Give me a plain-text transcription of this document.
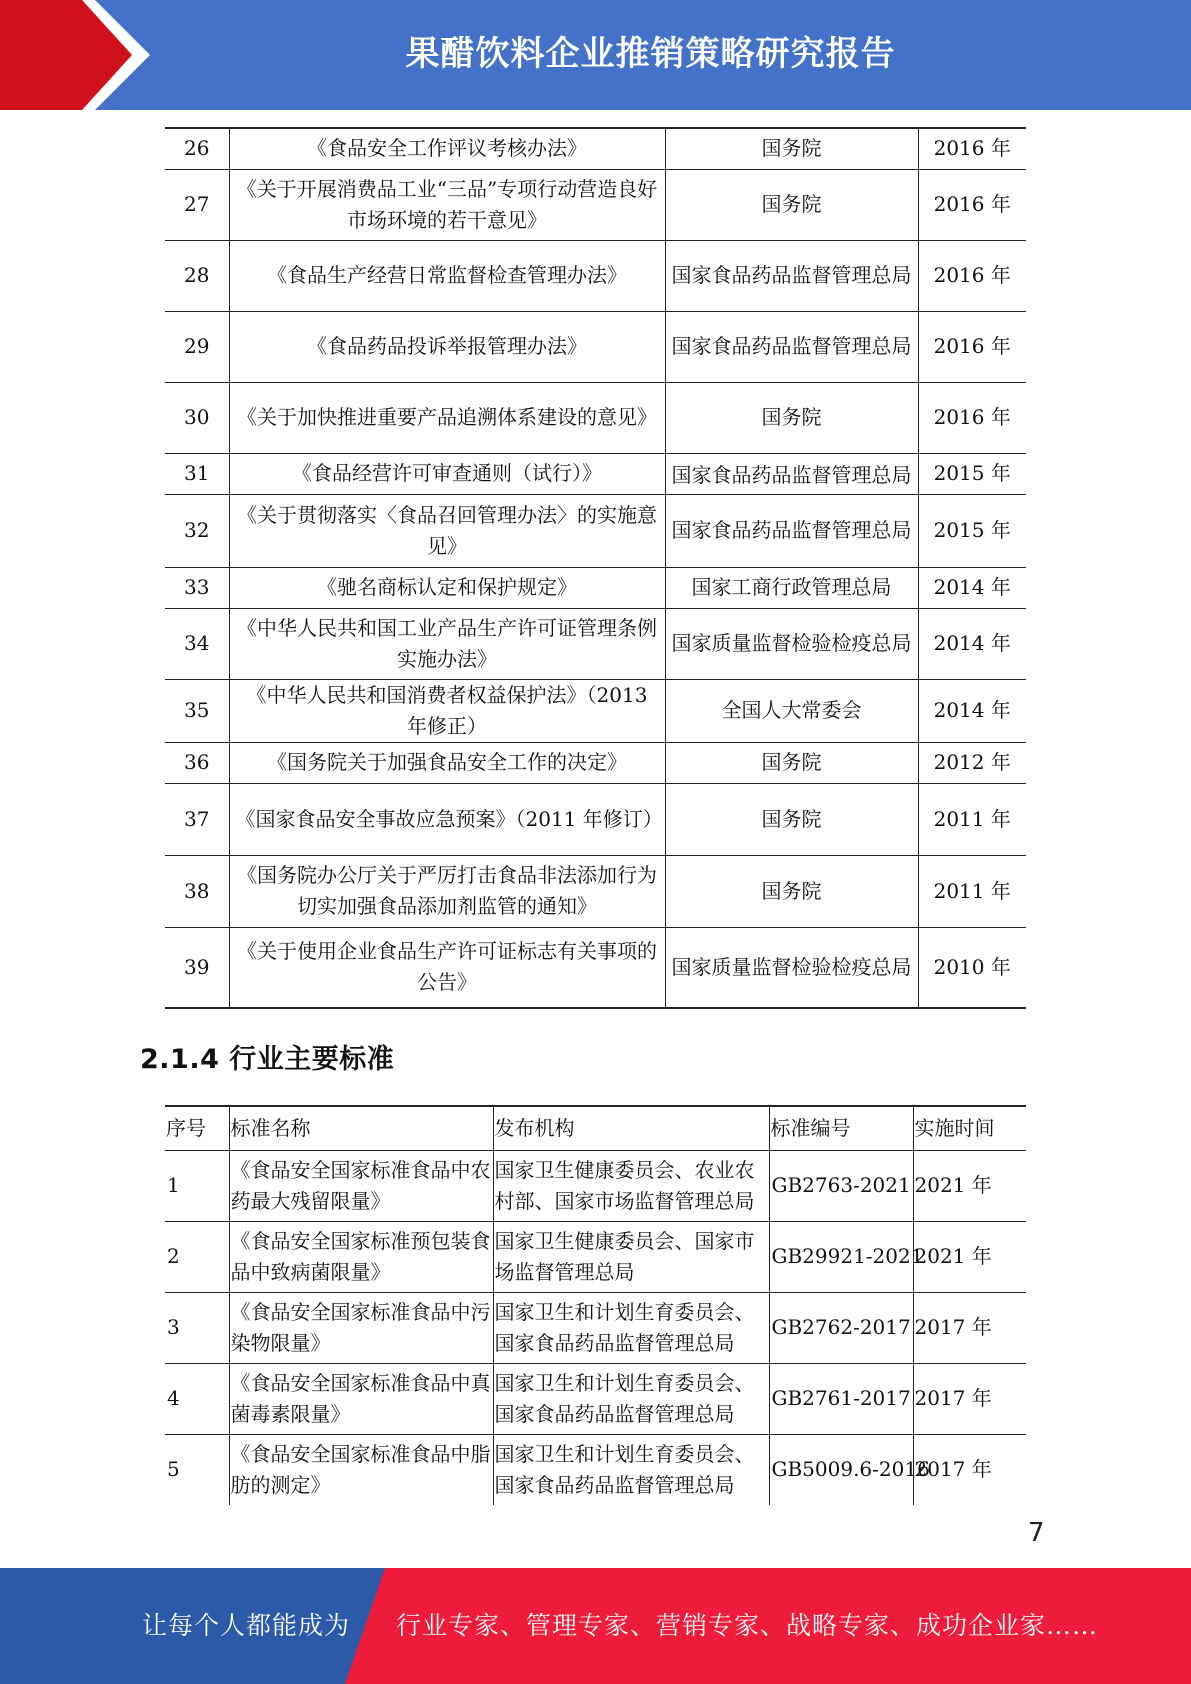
果醋饮料企业推销策略研究报告
26	《食品安全工作评议考核办法》	国务院	2016 年
27	《关于开展消费品工业“三品”专项行动营造良好市场环境的若干意见》	国务院	2016 年
28	《食品生产经营日常监督检查管理办法》	国家食品药品监督管理总局	2016 年
29	《食品药品投诉举报管理办法》	国家食品药品监督管理总局	2016 年
30	《关于加快推进重要产品追溯体系建设的意见》	国务院	2016 年
31	《食品经营许可审查通则（试行）》	国家食品药品监督管理总局	2015 年
32	《关于贯彻落实〈食品召回管理办法〉的实施意见》	国家食品药品监督管理总局	2015 年
33	《驰名商标认定和保护规定》	国家工商行政管理总局	2014 年
34	《中华人民共和国工业产品生产许可证管理条例实施办法》	国家质量监督检验检疫总局	2014 年
35	《中华人民共和国消费者权益保护法》（2013 年修正）	全国人大常委会	2014 年
36	《国务院关于加强食品安全工作的决定》	国务院	2012 年
37	《国家食品安全事故应急预案》（2011 年修订）	国务院	2011 年
38	《国务院办公厅关于严厉打击食品非法添加行为切实加强食品添加剂监管的通知》	国务院	2011 年
39	《关于使用企业食品生产许可证标志有关事项的公告》	国家质量监督检验检疫总局	2010 年
2.1.4 行业主要标准
序号	标准名称	发布机构	标准编号	实施时间
1	《食品安全国家标准食品中农药最大残留限量》	国家卫生健康委员会、农业农村部、国家市场监督管理总局	GB2763-2021	2021 年
2	《食品安全国家标准预包装食品中致病菌限量》	国家卫生健康委员会、国家市场监督管理总局	GB29921-2021	2021 年
3	《食品安全国家标准食品中污染物限量》	国家卫生和计划生育委员会、国家食品药品监督管理总局	GB2762-2017	2017 年
4	《食品安全国家标准食品中真菌毒素限量》	国家卫生和计划生育委员会、国家食品药品监督管理总局	GB2761-2017	2017 年
5	《食品安全国家标准食品中脂肪的测定》	国家卫生和计划生育委员会、国家食品药品监督管理总局	GB5009.6-2016	2017 年
7
让每个人都能成为 行业专家、管理专家、营销专家、战略专家、成功企业家……
